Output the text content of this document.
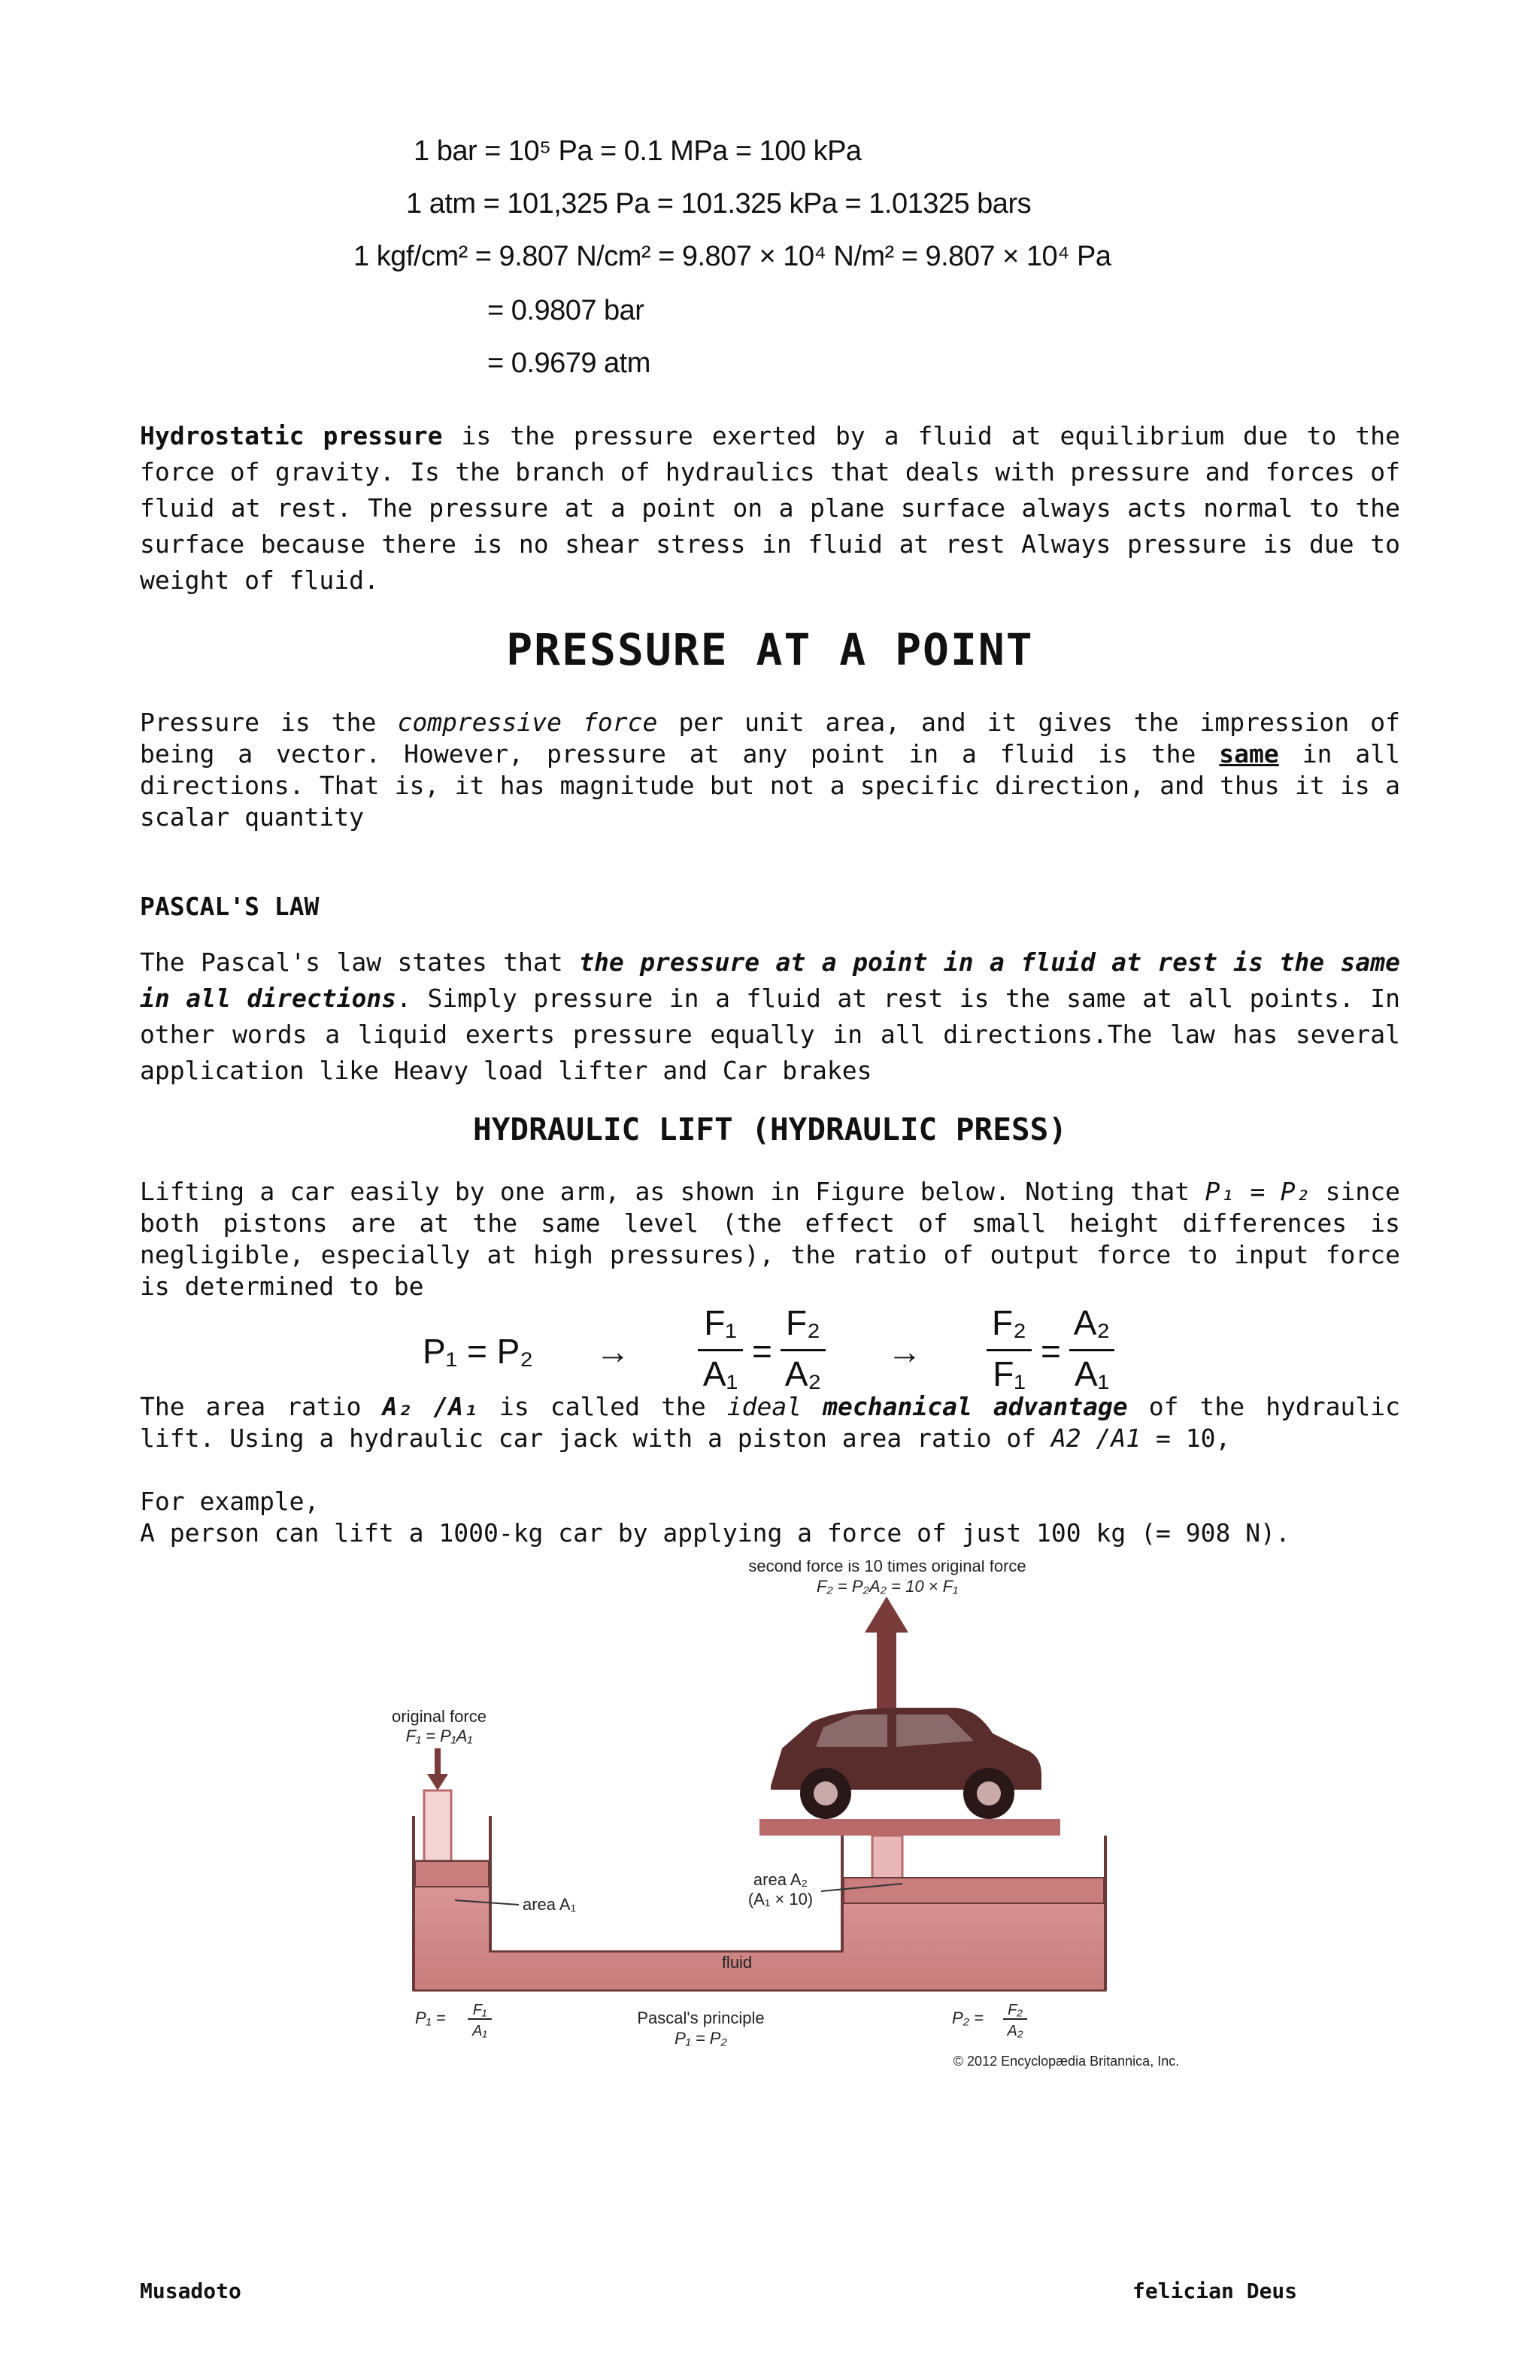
1 bar = 10⁵ Pa = 0.1 MPa = 100 kPa
1 atm = 101,325 Pa = 101.325 kPa = 1.01325 bars
1 kgf/cm² = 9.807 N/cm² = 9.807 × 10⁴ N/m² = 9.807 × 10⁴ Pa
= 0.9807 bar
= 0.9679 atm
Hydrostatic pressure is the pressure exerted by a fluid at equilibrium due to the force of gravity. Is the branch of hydraulics that deals with pressure and forces of fluid at rest. The pressure at a point on a plane surface always acts normal to the surface because there is no shear stress in fluid at rest Always pressure is due to weight of fluid.
PRESSURE AT A POINT
Pressure is the compressive force per unit area, and it gives the impression of being a vector. However, pressure at any point in a fluid is the same in all directions. That is, it has magnitude but not a specific direction, and thus it is a scalar quantity
PASCAL'S LAW
The Pascal's law states that the pressure at a point in a fluid at rest is the same in all directions. Simply pressure in a fluid at rest is the same at all points. In other words a liquid exerts pressure equally in all directions.The law has several application like Heavy load lifter and Car brakes
HYDRAULIC LIFT (HYDRAULIC PRESS)
Lifting a car easily by one arm, as shown in Figure below. Noting that P₁ = P₂ since both pistons are at the same level (the effect of small height differences is negligible, especially at high pressures), the ratio of output force to input force is determined to be
P₁ = P₂ →
F₁
A₁
=
F₂
A₂
→
F₂
F₁
=
A₂
A₁
The area ratio A₂ /A₁ is called the ideal mechanical advantage of the hydraulic lift. Using a hydraulic car jack with a piston area ratio of A2 /A1 = 10,
For example,
A person can lift a 1000-kg car by applying a force of just 100 kg (= 908 N).
second force is 10 times original force
F₂ = P₂A₂ = 10 × F₁
original force
F₁ = P₁A₁
area A₁
area A₂
(A₁ × 10)
fluid
P₁ = F₁
A₁
Pascal's principle
P₁ = P₂
P₂ = F₂
A₂
© 2012 Encyclopædia Britannica, Inc.
Musadoto	felician Deus
